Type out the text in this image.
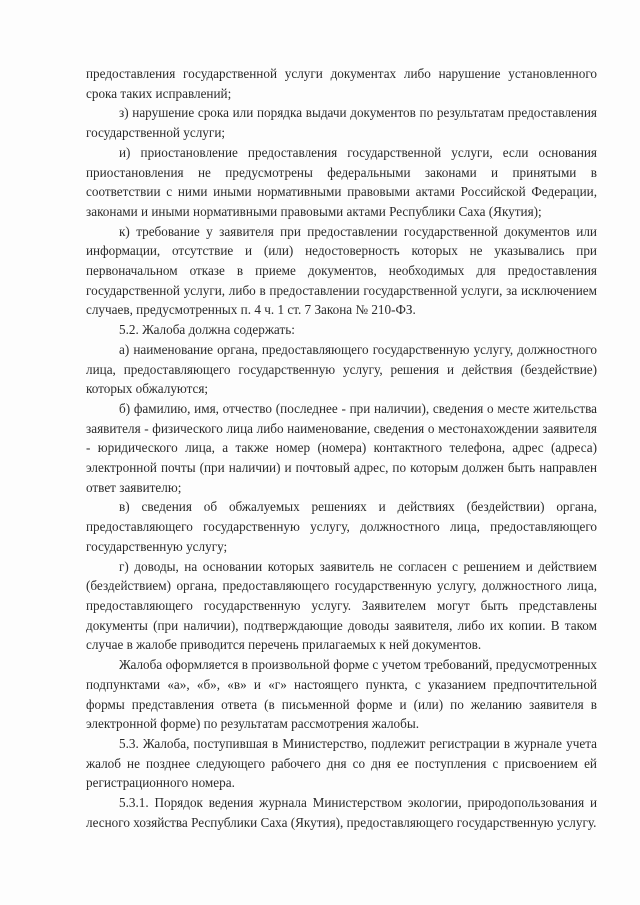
предоставления государственной услуги документах либо нарушение установленного срока таких исправлений;

з) нарушение срока или порядка выдачи документов по результатам предоставления государственной услуги;

и) приостановление предоставления государственной услуги, если основания приостановления не предусмотрены федеральными законами и принятыми в соответствии с ними иными нормативными правовыми актами Российской Федерации, законами и иными нормативными правовыми актами Республики Саха (Якутия);

к) требование у заявителя при предоставлении государственной документов или информации, отсутствие и (или) недостоверность которых не указывались при первоначальном отказе в приеме документов, необходимых для предоставления государственной услуги, либо в предоставлении государственной услуги, за исключением случаев, предусмотренных п. 4 ч. 1 ст. 7 Закона № 210-ФЗ.

5.2. Жалоба должна содержать:

а) наименование органа, предоставляющего государственную услугу, должностного лица, предоставляющего государственную услугу, решения и действия (бездействие) которых обжалуются;

б) фамилию, имя, отчество (последнее - при наличии), сведения о месте жительства заявителя - физического лица либо наименование, сведения о местонахождении заявителя - юридического лица, а также номер (номера) контактного телефона, адрес (адреса) электронной почты (при наличии) и почтовый адрес, по которым должен быть направлен ответ заявителю;

в) сведения об обжалуемых решениях и действиях (бездействии) органа, предоставляющего государственную услугу, должностного лица, предоставляющего государственную услугу;

г) доводы, на основании которых заявитель не согласен с решением и действием (бездействием) органа, предоставляющего государственную услугу, должностного лица, предоставляющего государственную услугу. Заявителем могут быть представлены документы (при наличии), подтверждающие доводы заявителя, либо их копии. В таком случае в жалобе приводится перечень прилагаемых к ней документов.

Жалоба оформляется в произвольной форме с учетом требований, предусмотренных подпунктами «а», «б», «в» и «г» настоящего пункта, с указанием предпочтительной формы представления ответа (в письменной форме и (или) по желанию заявителя в электронной форме) по результатам рассмотрения жалобы.

5.3. Жалоба, поступившая в Министерство, подлежит регистрации в журнале учета жалоб не позднее следующего рабочего дня со дня ее поступления с присвоением ей регистрационного номера.

5.3.1. Порядок ведения журнала Министерством экологии, природопользования и лесного хозяйства Республики Саха (Якутия), предоставляющего государственную услугу.
